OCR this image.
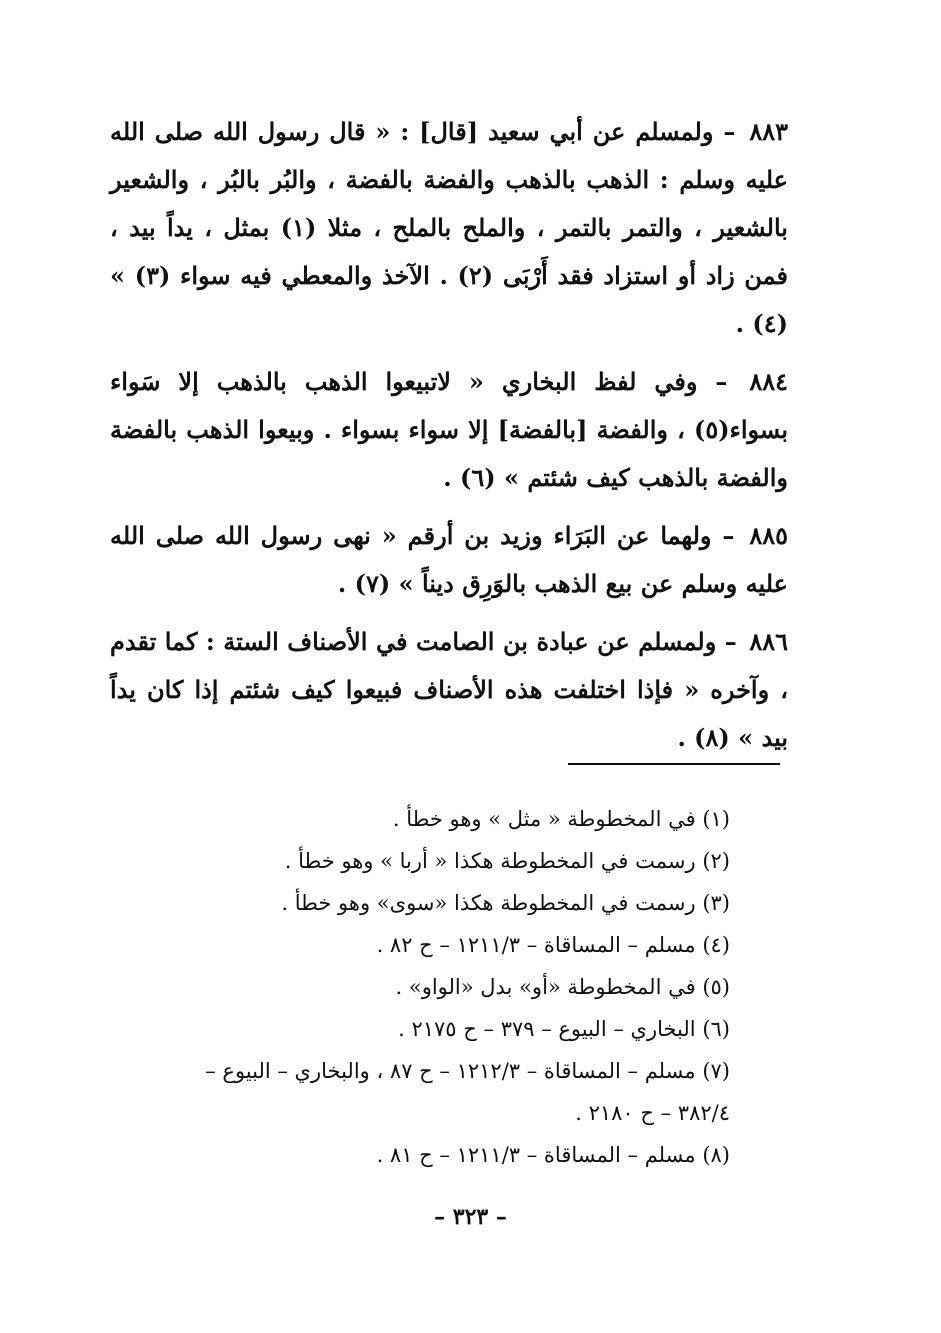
٨٨٣ – ولمسلم عن أبي سعيد [قال] : « قال رسول الله صلى الله عليه وسلم : الذهب بالذهب والفضة بالفضة ، والبُر بالبُر ، والشعير بالشعير ، والتمر بالتمر ، والملح بالملح ، مثلا (١) بمثل ، يداً بيد ، فمن زاد أو استزاد فقد أَرْبَى (٢) . الآخذ والمعطي فيه سواء (٣) » (٤) .

٨٨٤ – وفي لفظ البخاري « لاتبيعوا الذهب بالذهب إلا سَواء بسواء(٥) ، والفضة [بالفضة] إلا سواء بسواء . وبيعوا الذهب بالفضة والفضة بالذهب كيف شئتم » (٦) .

٨٨٥ – ولهما عن البَرَاء وزيد بن أرقم « نهى رسول الله صلى الله عليه وسلم عن بيع الذهب بالوَرِق ديناً » (٧) .

٨٨٦ – ولمسلم عن عبادة بن الصامت في الأصناف الستة : كما تقدم ، وآخره « فإذا اختلفت هذه الأصناف فبيعوا كيف شئتم إذا كان يداً بيد » (٨) .

(١) في المخطوطة « مثل » وهو خطأ .

(٢) رسمت في المخطوطة هكذا « أربا » وهو خطأ .

(٣) رسمت في المخطوطة هكذا «سوى» وهو خطأ .

(٤) مسلم – المساقاة – ١٢١١/٣ – ح ٨٢ .

(٥) في المخطوطة «أو» بدل «الواو» .

(٦) البخاري – البيوع – ٣٧٩ – ح ٢١٧٥ .

(٧) مسلم – المساقاة – ١٢١٢/٣ – ح ٨٧ ، والبخاري – البيوع –

٣٨٢/٤ – ح ٢١٨٠ .

(٨) مسلم – المساقاة – ١٢١١/٣ – ح ٨١ .

– ٣٢٣ –
